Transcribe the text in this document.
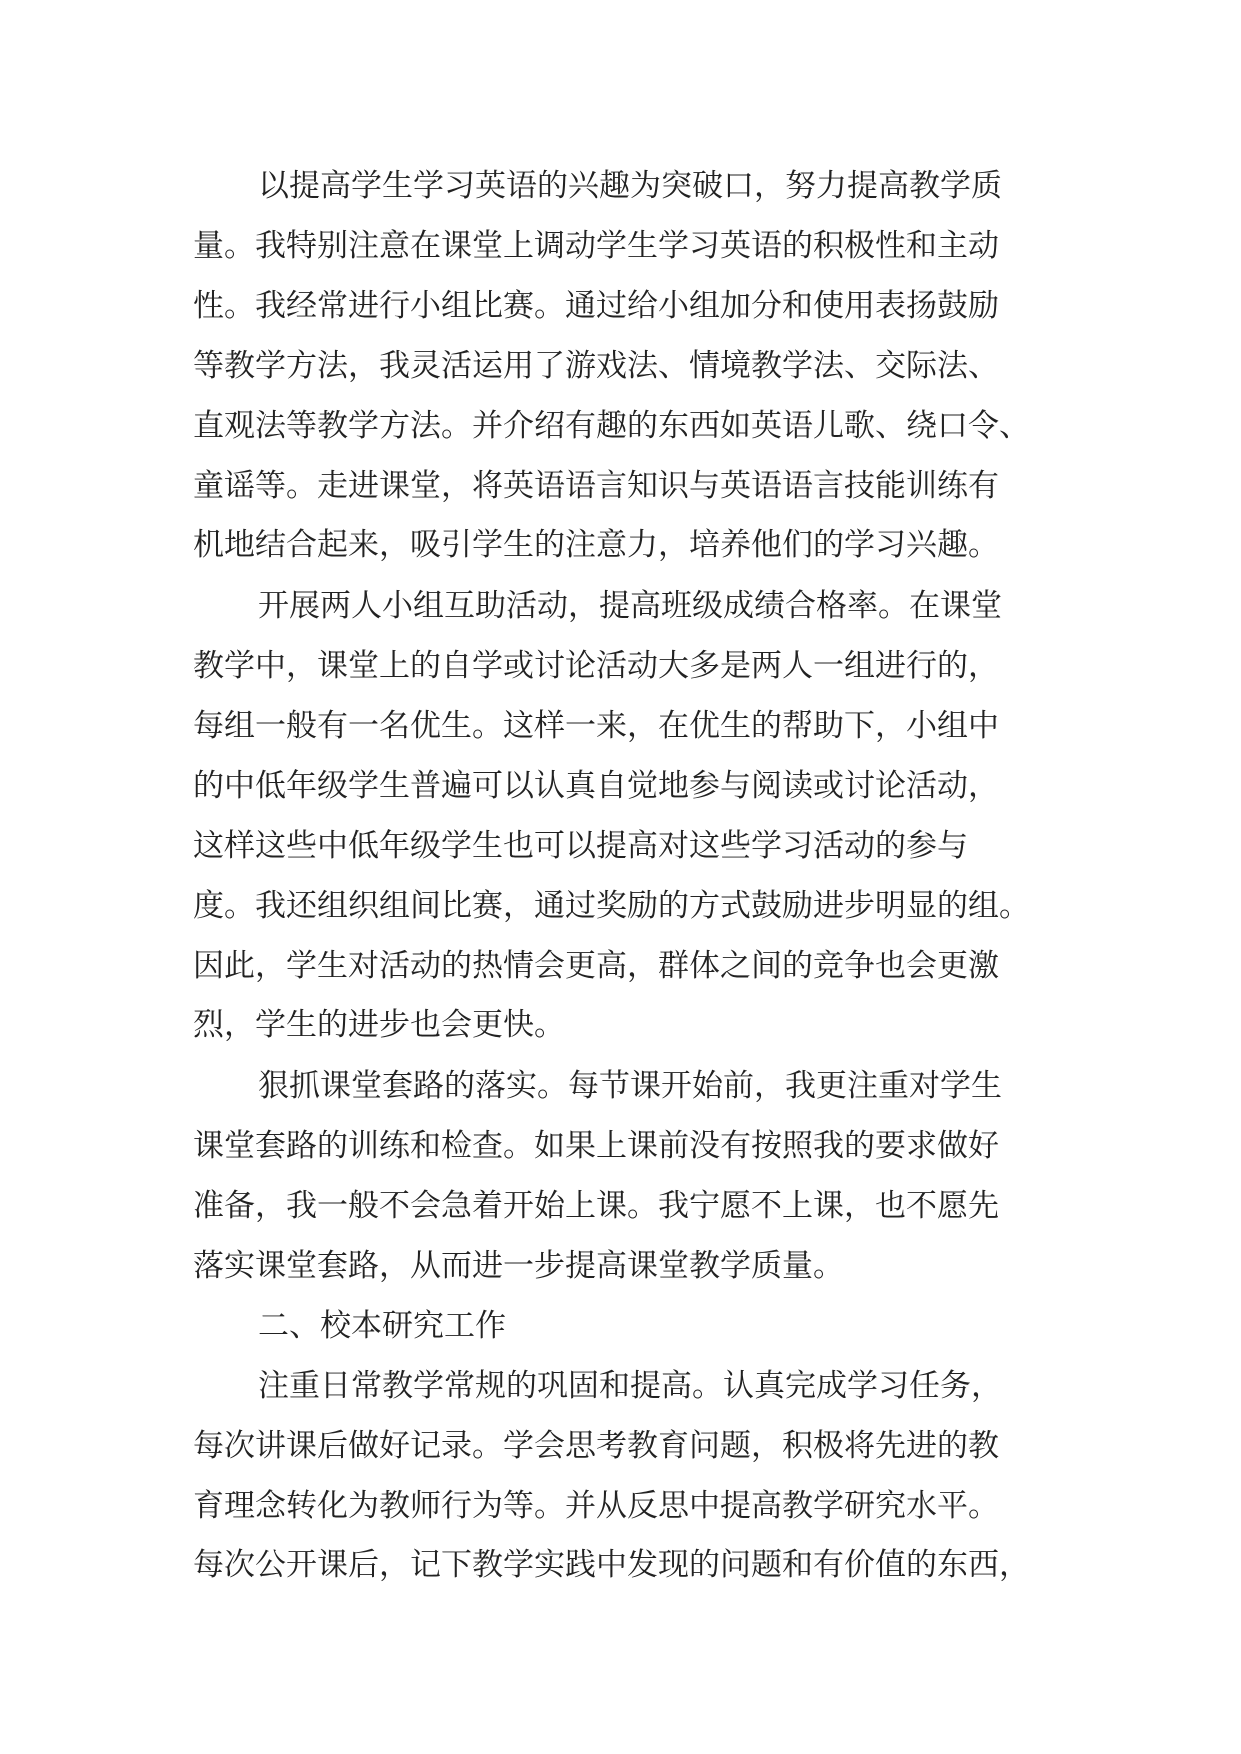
以提高学生学习英语的兴趣为突破口，努力提高教学质

量。我特别注意在课堂上调动学生学习英语的积极性和主动

性。我经常进行小组比赛。通过给小组加分和使用表扬鼓励

等教学方法，我灵活运用了游戏法、情境教学法、交际法、

直观法等教学方法。并介绍有趣的东西如英语儿歌、绕口令、

童谣等。走进课堂，将英语语言知识与英语语言技能训练有

机地结合起来，吸引学生的注意力，培养他们的学习兴趣。

开展两人小组互助活动，提高班级成绩合格率。在课堂

教学中，课堂上的自学或讨论活动大多是两人一组进行的，

每组一般有一名优生。这样一来，在优生的帮助下，小组中

的中低年级学生普遍可以认真自觉地参与阅读或讨论活动，

这样这些中低年级学生也可以提高对这些学习活动的参与

度。我还组织组间比赛，通过奖励的方式鼓励进步明显的组。

因此，学生对活动的热情会更高，群体之间的竞争也会更激

烈，学生的进步也会更快。

狠抓课堂套路的落实。每节课开始前，我更注重对学生

课堂套路的训练和检查。如果上课前没有按照我的要求做好

准备，我一般不会急着开始上课。我宁愿不上课，也不愿先

落实课堂套路，从而进一步提高课堂教学质量。

二、校本研究工作

注重日常教学常规的巩固和提高。认真完成学习任务，

每次讲课后做好记录。学会思考教育问题，积极将先进的教

育理念转化为教师行为等。并从反思中提高教学研究水平。

每次公开课后，记下教学实践中发现的问题和有价值的东西，
